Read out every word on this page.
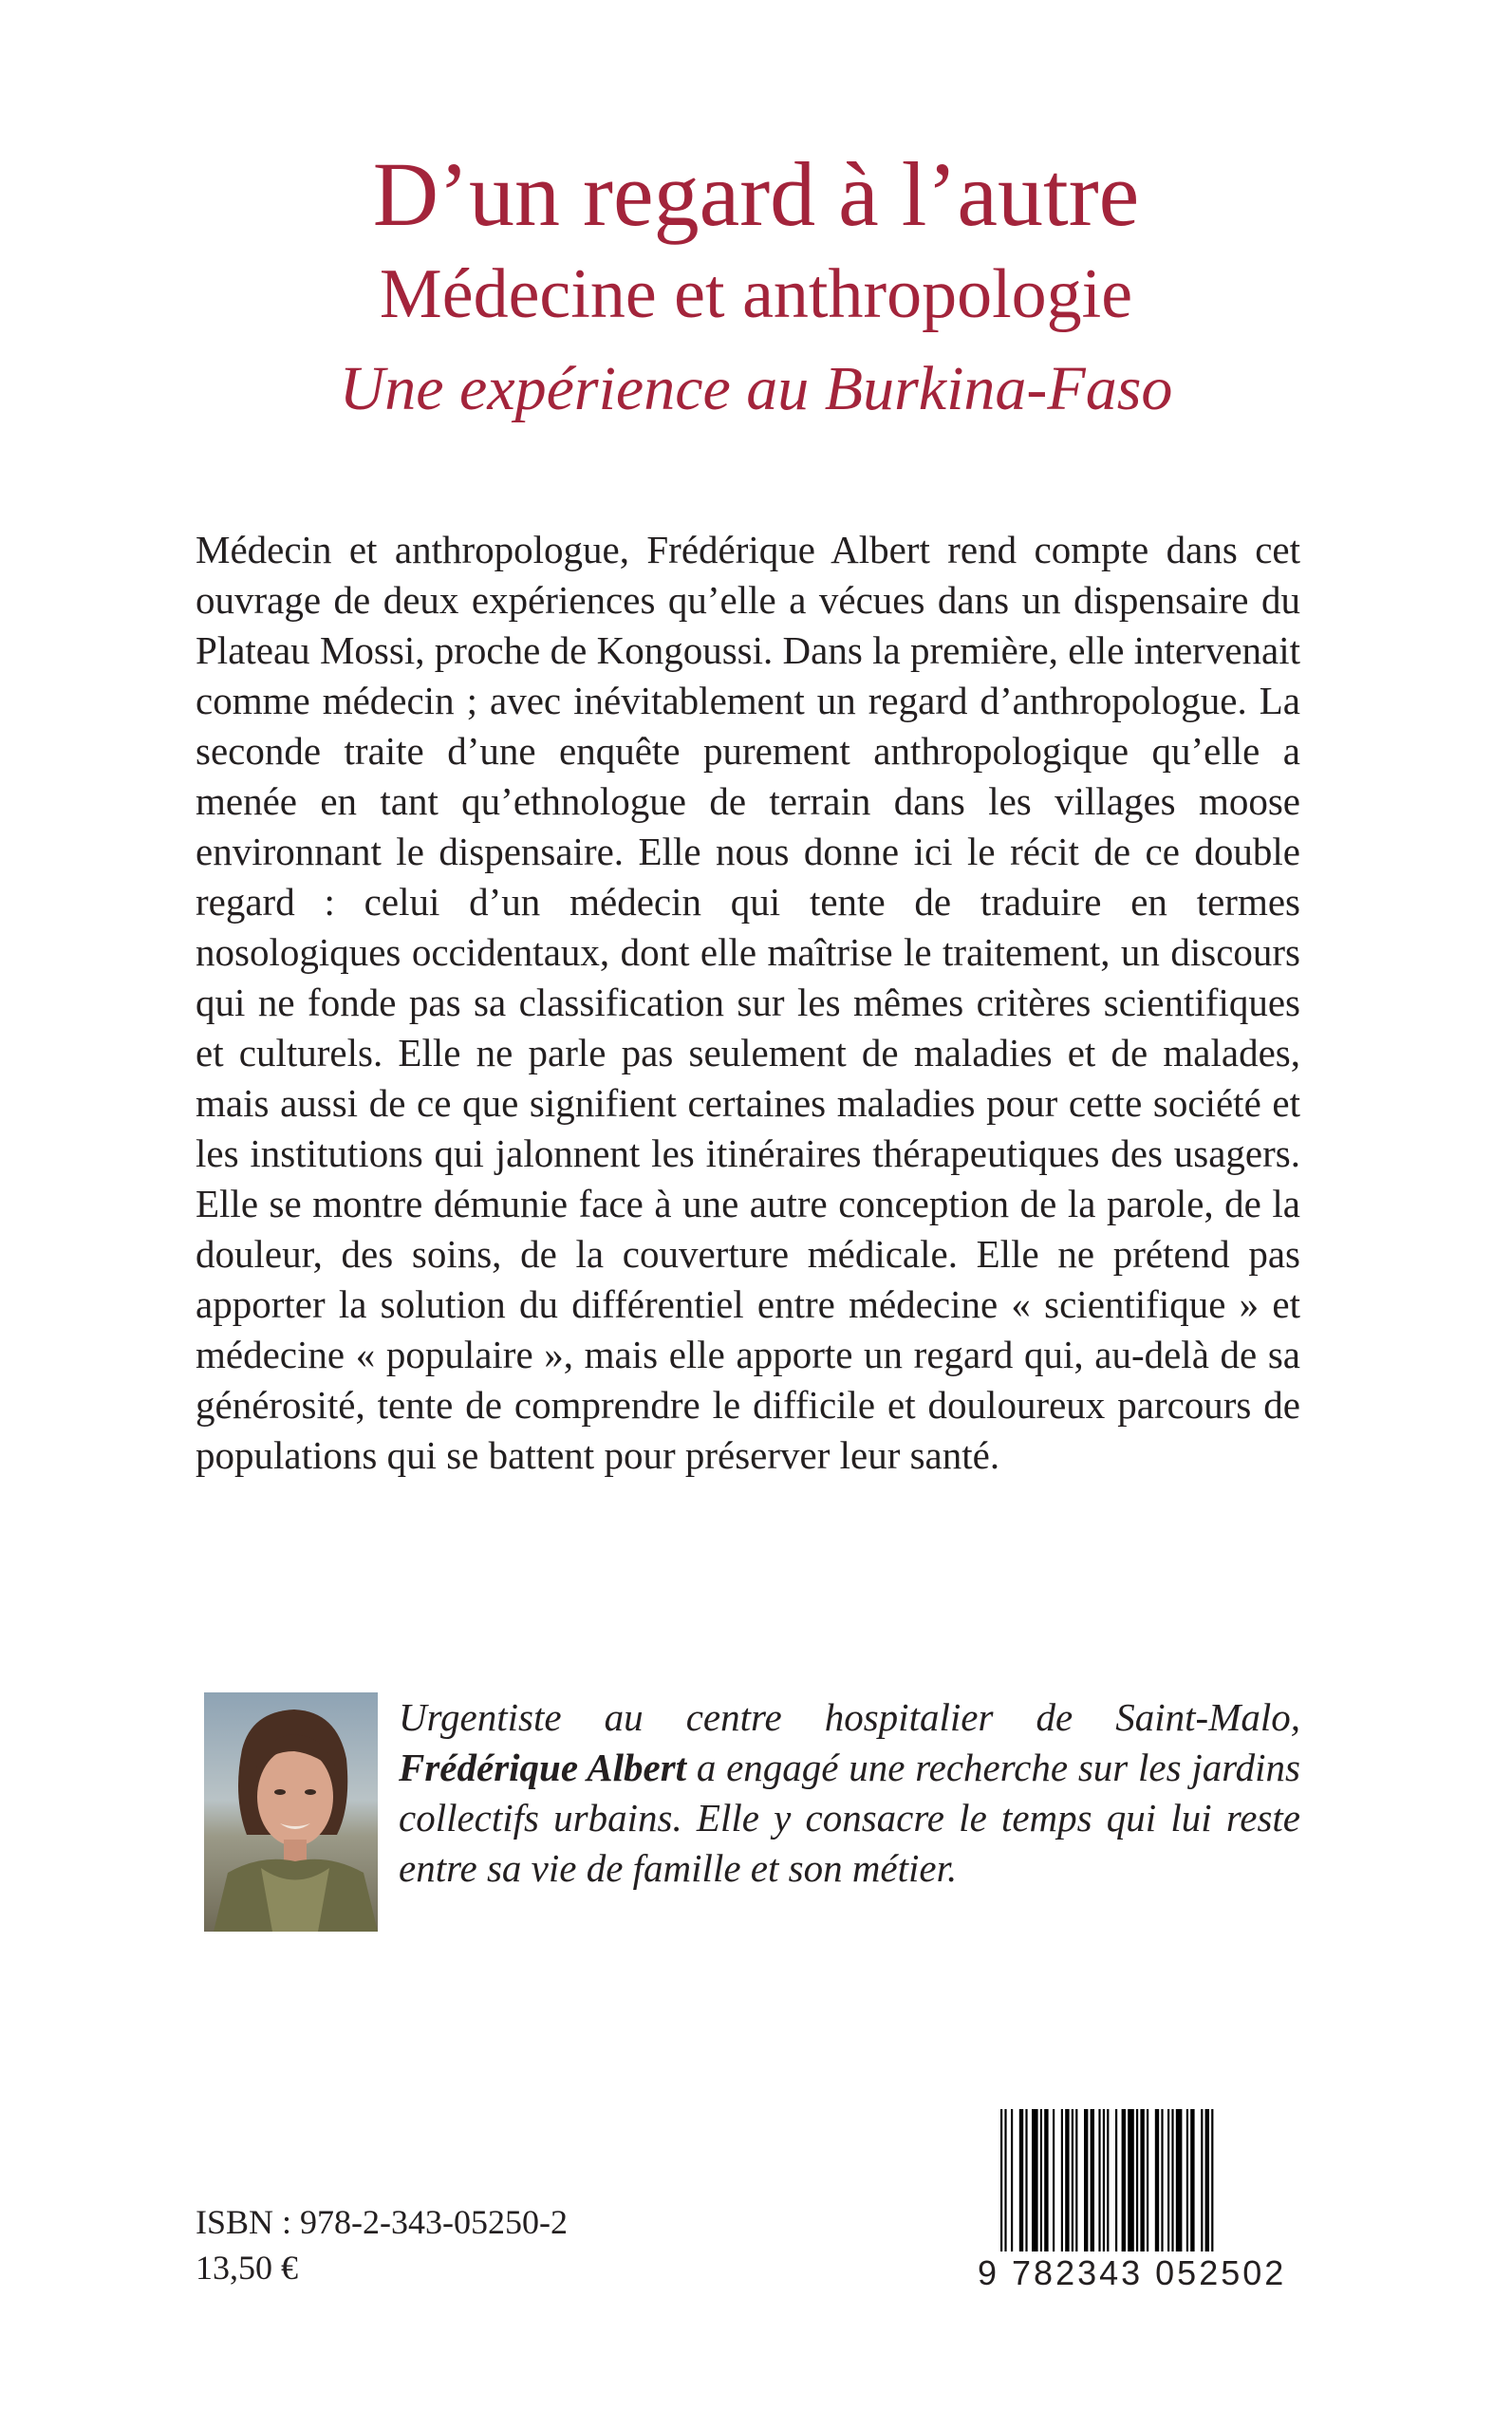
D’un regard à l’autre
Médecine et anthropologie
Une expérience au Burkina-Faso

Médecin et anthropologue, Frédérique Albert rend compte dans cet ouvrage de deux expériences qu’elle a vécues dans un dispensaire du Plateau Mossi, proche de Kongoussi. Dans la première, elle intervenait comme médecin ; avec inévitablement un regard d’anthropologue. La seconde traite d’une enquête purement anthropologique qu’elle a menée en tant qu’ethnologue de terrain dans les villages moose environnant le dispensaire. Elle nous donne ici le récit de ce double regard : celui d’un médecin qui tente de traduire en termes nosologiques occidentaux, dont elle maîtrise le traitement, un discours qui ne fonde pas sa classification sur les mêmes critères scientifiques et culturels. Elle ne parle pas seulement de maladies et de malades, mais aussi de ce que signifient certaines maladies pour cette société et les institutions qui jalonnent les itinéraires thérapeutiques des usagers. Elle se montre démunie face à une autre conception de la parole, de la douleur, des soins, de la couverture médicale. Elle ne prétend pas apporter la solution du différentiel entre médecine « scientifique » et médecine « populaire », mais elle apporte un regard qui, au-delà de sa générosité, tente de comprendre le difficile et douloureux parcours de populations qui se battent pour préserver leur santé.

Urgentiste au centre hospitalier de Saint-Malo, Frédérique Albert a engagé une recherche sur les jardins collectifs urbains. Elle y consacre le temps qui lui reste entre sa vie de famille et son métier.

ISBN : 978-2-343-05250-2

13,50 €	9 782343 052502
